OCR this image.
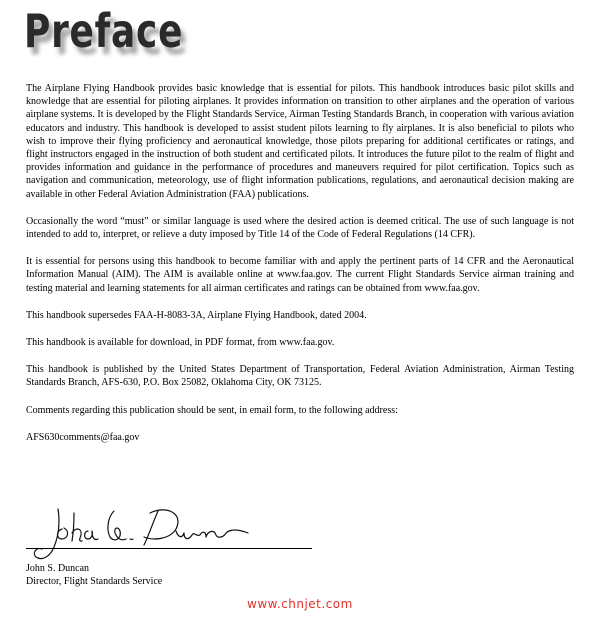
Preface

The Airplane Flying Handbook provides basic knowledge that is essential for pilots. This handbook introduces basic pilot skills and knowledge that are essential for piloting airplanes. It provides information on transition to other airplanes and the operation of various airplane systems. It is developed by the Flight Standards Service, Airman Testing Standards Branch, in cooperation with various aviation educators and industry. This handbook is developed to assist student pilots learning to fly airplanes. It is also beneficial to pilots who wish to improve their flying proficiency and aeronautical knowledge, those pilots preparing for additional certificates or ratings, and flight instructors engaged in the instruction of both student and certificated pilots. It introduces the future pilot to the realm of flight and provides information and guidance in the performance of procedures and maneuvers required for pilot certification. Topics such as navigation and communication, meteorology, use of flight information publications, regulations, and aeronautical decision making are available in other Federal Aviation Administration (FAA) publications.

Occasionally the word “must” or similar language is used where the desired action is deemed critical. The use of such language is not intended to add to, interpret, or relieve a duty imposed by Title 14 of the Code of Federal Regulations (14 CFR).

It is essential for persons using this handbook to become familiar with and apply the pertinent parts of 14 CFR and the Aeronautical Information Manual (AIM). The AIM is available online at www.faa.gov. The current Flight Standards Service airman training and testing material and learning statements for all airman certificates and ratings can be obtained from www.faa.gov.

This handbook supersedes FAA-H-8083-3A, Airplane Flying Handbook, dated 2004.

This handbook is available for download, in PDF format, from www.faa.gov.

This handbook is published by the United States Department of Transportation, Federal Aviation Administration, Airman Testing Standards Branch, AFS-630, P.O. Box 25082, Oklahoma City, OK 73125.

Comments regarding this publication should be sent, in email form, to the following address:

AFS630comments@faa.gov

John S. Duncan
Director, Flight Standards Service
www.chnjet.com
